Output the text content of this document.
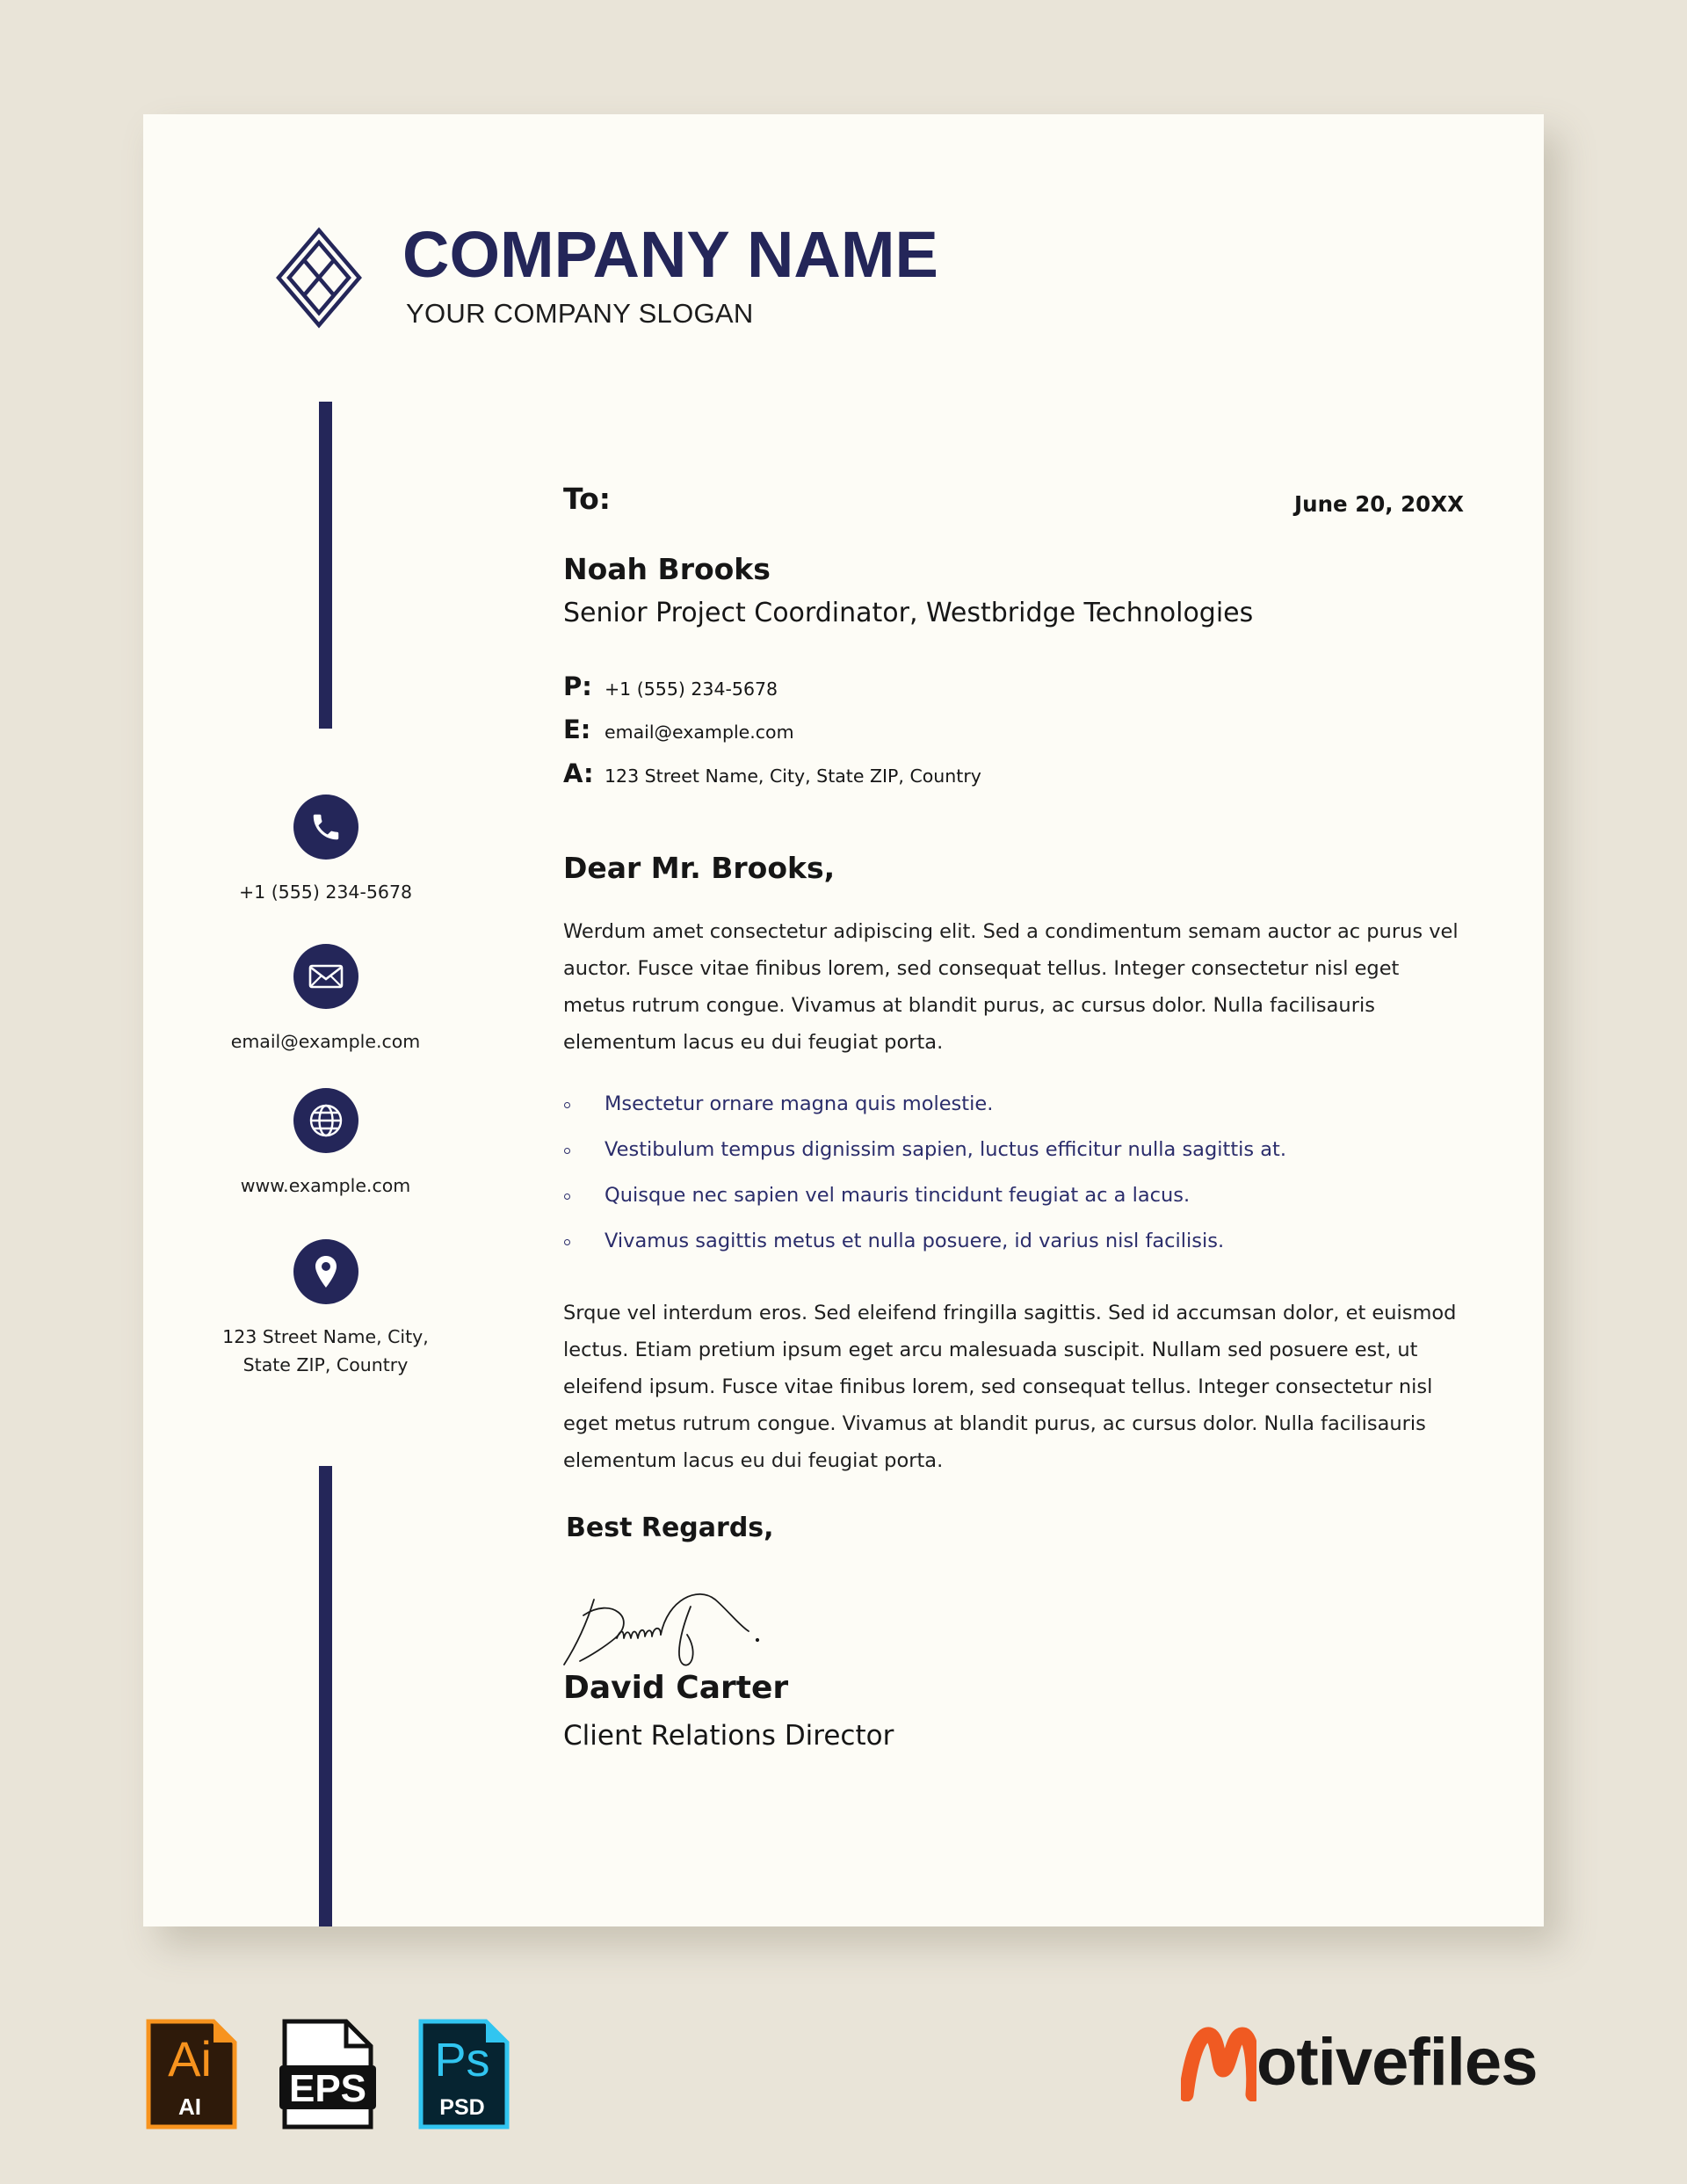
COMPANY NAME
YOUR COMPANY SLOGAN
+1 (555) 234-5678
email@example.com
www.example.com
123 Street Name, City,
State ZIP, Country
To:	June 20, 20XX
Noah Brooks
Senior Project Coordinator, Westbridge Technologies
P: +1 (555) 234-5678
E: email@example.com
A: 123 Street Name, City, State ZIP, Country
Dear Mr. Brooks,
Werdum amet consectetur adipiscing elit. Sed a condimentum semam auctor ac purus vel auctor. Fusce vitae finibus lorem, sed consequat tellus. Integer consectetur nisl eget metus rutrum congue. Vivamus at blandit purus, ac cursus dolor. Nulla facilisauris elementum lacus eu dui feugiat porta.
Msectetur ornare magna quis molestie.
Vestibulum tempus dignissim sapien, luctus efficitur nulla sagittis at.
Quisque nec sapien vel mauris tincidunt feugiat ac a lacus.
Vivamus sagittis metus et nulla posuere, id varius nisl facilisis.
Srque vel interdum eros. Sed eleifend fringilla sagittis. Sed id accumsan dolor, et euismod lectus. Etiam pretium ipsum eget arcu malesuada suscipit. Nullam sed posuere est, ut eleifend ipsum. Fusce vitae finibus lorem, sed consequat tellus. Integer consectetur nisl eget metus rutrum congue. Vivamus at blandit purus, ac cursus dolor. Nulla facilisauris elementum lacus eu dui feugiat porta.
Best Regards,
David Carter
Client Relations Director
Ai
AI EPS
Ps
PSD
otivefiles
